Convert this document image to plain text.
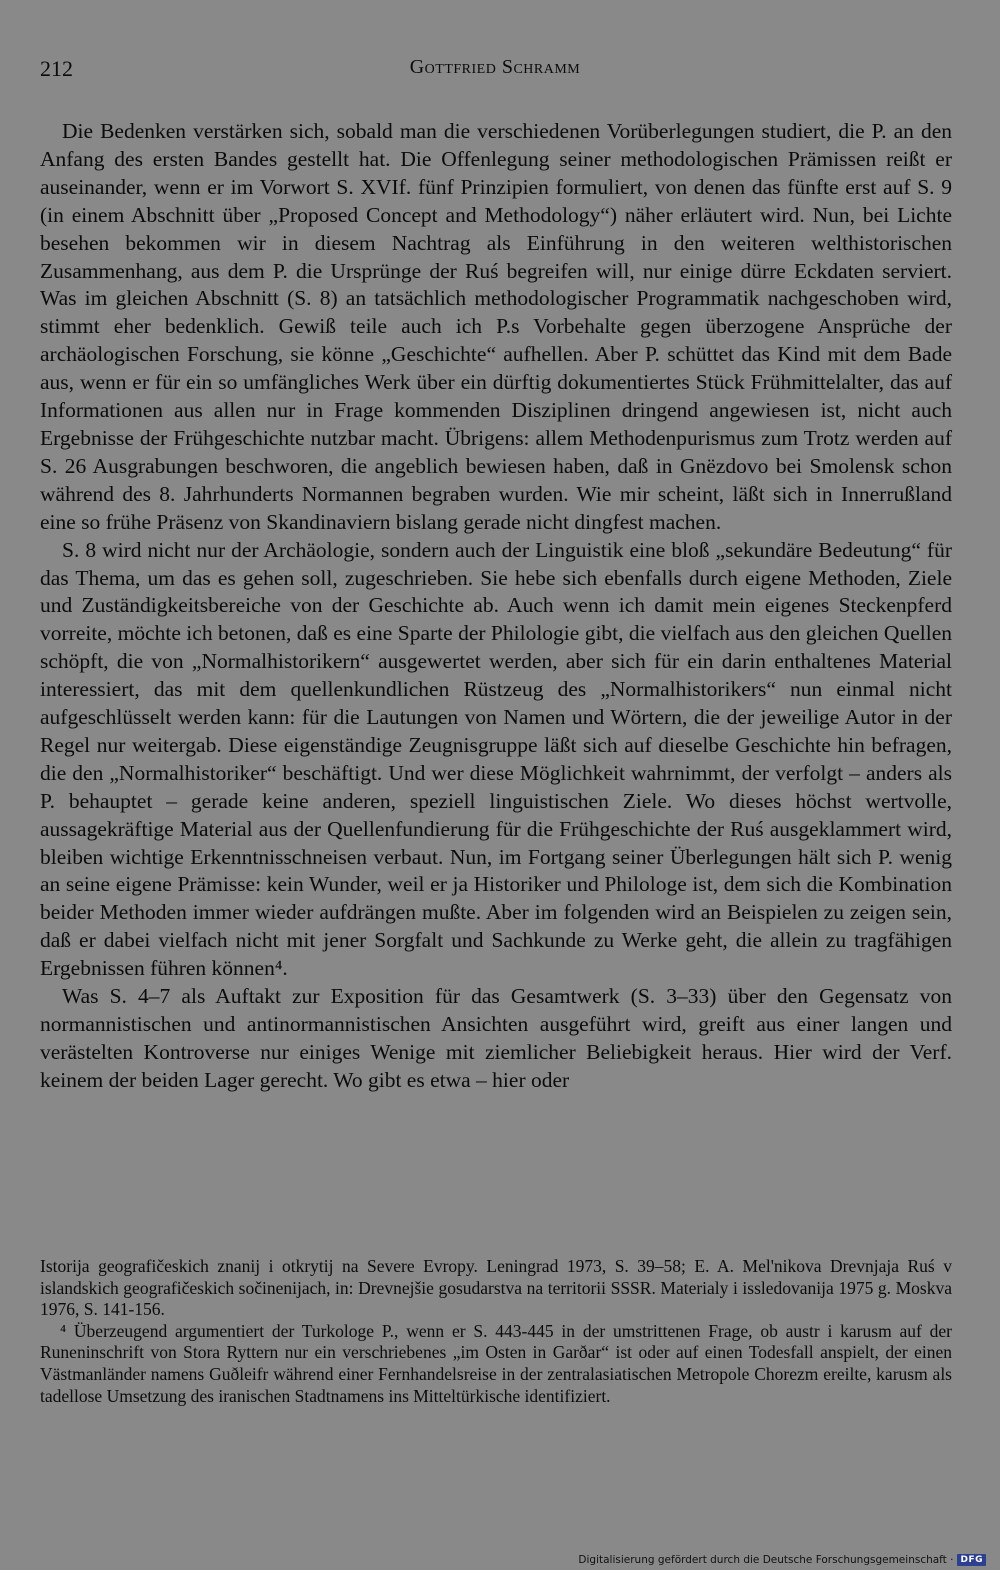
212	Gottfried Schramm

Die Bedenken verstärken sich, sobald man die verschiedenen Vorüberlegungen studiert, die P. an den Anfang des ersten Bandes gestellt hat. Die Offenlegung seiner methodologischen Prämissen reißt er auseinander, wenn er im Vorwort S. XVIf. fünf Prinzipien formuliert, von denen das fünfte erst auf S. 9 (in einem Abschnitt über „Proposed Concept and Methodology“) näher erläutert wird. Nun, bei Lichte besehen bekommen wir in diesem Nachtrag als Einführung in den weiteren welthistorischen Zusammenhang, aus dem P. die Ursprünge der Ruś begreifen will, nur einige dürre Eckdaten serviert. Was im gleichen Abschnitt (S. 8) an tatsächlich methodologischer Programmatik nachgeschoben wird, stimmt eher bedenklich. Gewiß teile auch ich P.s Vorbehalte gegen überzogene Ansprüche der archäologischen Forschung, sie könne „Geschichte“ aufhellen. Aber P. schüttet das Kind mit dem Bade aus, wenn er für ein so umfängliches Werk über ein dürftig dokumentiertes Stück Frühmittelalter, das auf Informationen aus allen nur in Frage kommenden Disziplinen dringend angewiesen ist, nicht auch Ergebnisse der Frühgeschichte nutzbar macht. Übrigens: allem Methodenpurismus zum Trotz werden auf S. 26 Ausgrabungen beschworen, die angeblich bewiesen haben, daß in Gnëzdovo bei Smolensk schon während des 8. Jahrhunderts Normannen begraben wurden. Wie mir scheint, läßt sich in Innerrußland eine so frühe Präsenz von Skandinaviern bislang gerade nicht dingfest machen.

S. 8 wird nicht nur der Archäologie, sondern auch der Linguistik eine bloß „sekundäre Bedeutung“ für das Thema, um das es gehen soll, zugeschrieben. Sie hebe sich ebenfalls durch eigene Methoden, Ziele und Zuständigkeitsbereiche von der Geschichte ab. Auch wenn ich damit mein eigenes Steckenpferd vorreite, möchte ich betonen, daß es eine Sparte der Philologie gibt, die vielfach aus den gleichen Quellen schöpft, die von „Normalhistorikern“ ausgewertet werden, aber sich für ein darin enthaltenes Material interessiert, das mit dem quellenkundlichen Rüstzeug des „Normalhistorikers“ nun einmal nicht aufgeschlüsselt werden kann: für die Lautungen von Namen und Wörtern, die der jeweilige Autor in der Regel nur weitergab. Diese eigenständige Zeugnisgruppe läßt sich auf dieselbe Geschichte hin befragen, die den „Normalhistoriker“ beschäftigt. Und wer diese Möglichkeit wahrnimmt, der verfolgt – anders als P. behauptet – gerade keine anderen, speziell linguistischen Ziele. Wo dieses höchst wertvolle, aussagekräftige Material aus der Quellenfundierung für die Frühgeschichte der Ruś ausgeklammert wird, bleiben wichtige Erkenntnisschneisen verbaut. Nun, im Fortgang seiner Überlegungen hält sich P. wenig an seine eigene Prämisse: kein Wunder, weil er ja Historiker und Philologe ist, dem sich die Kombination beider Methoden immer wieder aufdrängen mußte. Aber im folgenden wird an Beispielen zu zeigen sein, daß er dabei vielfach nicht mit jener Sorgfalt und Sachkunde zu Werke geht, die allein zu tragfähigen Ergebnissen führen können⁴.

Was S. 4–7 als Auftakt zur Exposition für das Gesamtwerk (S. 3–33) über den Gegensatz von normannistischen und antinormannistischen Ansichten ausgeführt wird, greift aus einer langen und verästelten Kontroverse nur einiges Wenige mit ziemlicher Beliebigkeit heraus. Hier wird der Verf. keinem der beiden Lager gerecht. Wo gibt es etwa – hier oder

Istorija geografičeskich znanij i otkrytij na Severe Evropy. Leningrad 1973, S. 39–58; E. A. Mel'nikova Drevnjaja Ruś v islandskich geografičeskich sočinenijach, in: Drevnejšie gosudarstva na territorii SSSR. Materialy i issledovanija 1975 g. Moskva 1976, S. 141-156.

⁴ Überzeugend argumentiert der Turkologe P., wenn er S. 443-445 in der umstrittenen Frage, ob austr i karusm auf der Runeninschrift von Stora Ryttern nur ein verschriebenes „im Osten in Garðar“ ist oder auf einen Todesfall anspielt, der einen Västmanländer namens Guðleifr während einer Fernhandelsreise in der zentralasiatischen Metropole Chorezm ereilte, karusm als tadellose Umsetzung des iranischen Stadtnamens ins Mitteltürkische identifiziert.

Digitalisierung gefördert durch die Deutsche Forschungsgemeinschaft · DFG
